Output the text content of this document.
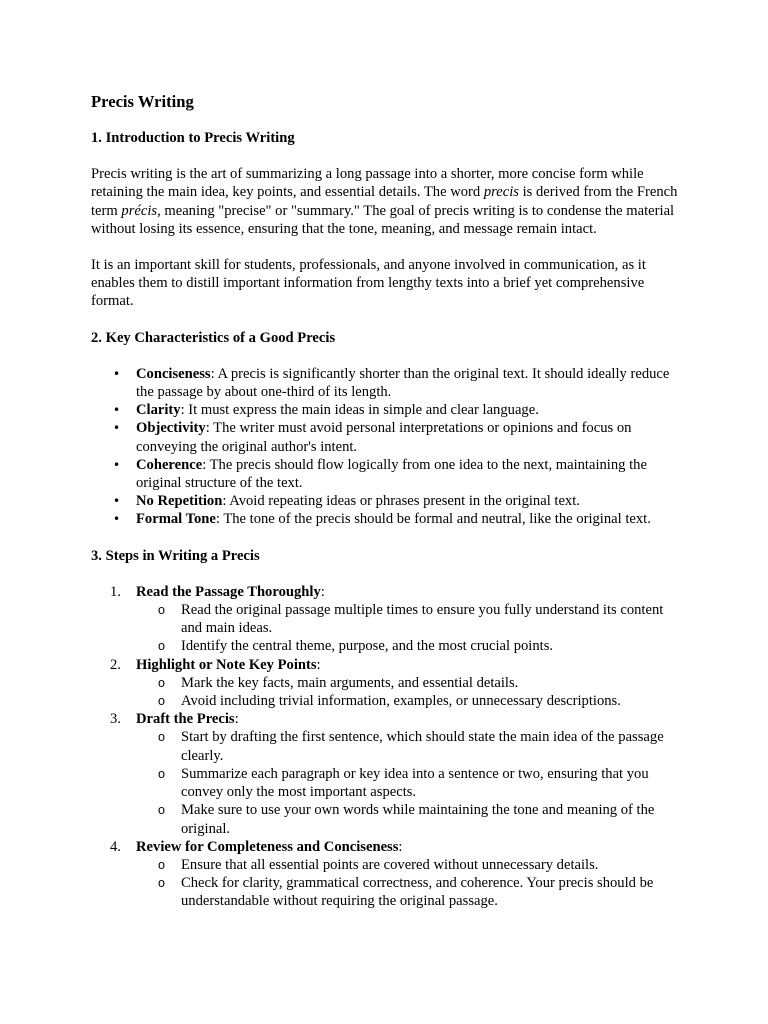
Precis Writing
1. Introduction to Precis Writing

Precis writing is the art of summarizing a long passage into a shorter, more concise form while retaining the main idea, key points, and essential details. The word precis is derived from the French term précis, meaning "precise" or "summary." The goal of precis writing is to condense the material without losing its essence, ensuring that the tone, meaning, and message remain intact.

It is an important skill for students, professionals, and anyone involved in communication, as it enables them to distill important information from lengthy texts into a brief yet comprehensive format.

2. Key Characteristics of a Good Precis
• Conciseness: A precis is significantly shorter than the original text. It should ideally reduce the passage by about one-third of its length.
• Clarity: It must express the main ideas in simple and clear language.
• Objectivity: The writer must avoid personal interpretations or opinions and focus on conveying the original author's intent.
• Coherence: The precis should flow logically from one idea to the next, maintaining the original structure of the text.
• No Repetition: Avoid repeating ideas or phrases present in the original text.
• Formal Tone: The tone of the precis should be formal and neutral, like the original text.
3. Steps in Writing a Precis
1. Read the Passage Thoroughly:
o Read the original passage multiple times to ensure you fully understand its content and main ideas.
o Identify the central theme, purpose, and the most crucial points.
2. Highlight or Note Key Points:
o Mark the key facts, main arguments, and essential details.
o Avoid including trivial information, examples, or unnecessary descriptions.
3. Draft the Precis:
o Start by drafting the first sentence, which should state the main idea of the passage clearly.
o Summarize each paragraph or key idea into a sentence or two, ensuring that you convey only the most important aspects.
o Make sure to use your own words while maintaining the tone and meaning of the original.
4. Review for Completeness and Conciseness:
o Ensure that all essential points are covered without unnecessary details.
o Check for clarity, grammatical correctness, and coherence. Your precis should be understandable without requiring the original passage.
